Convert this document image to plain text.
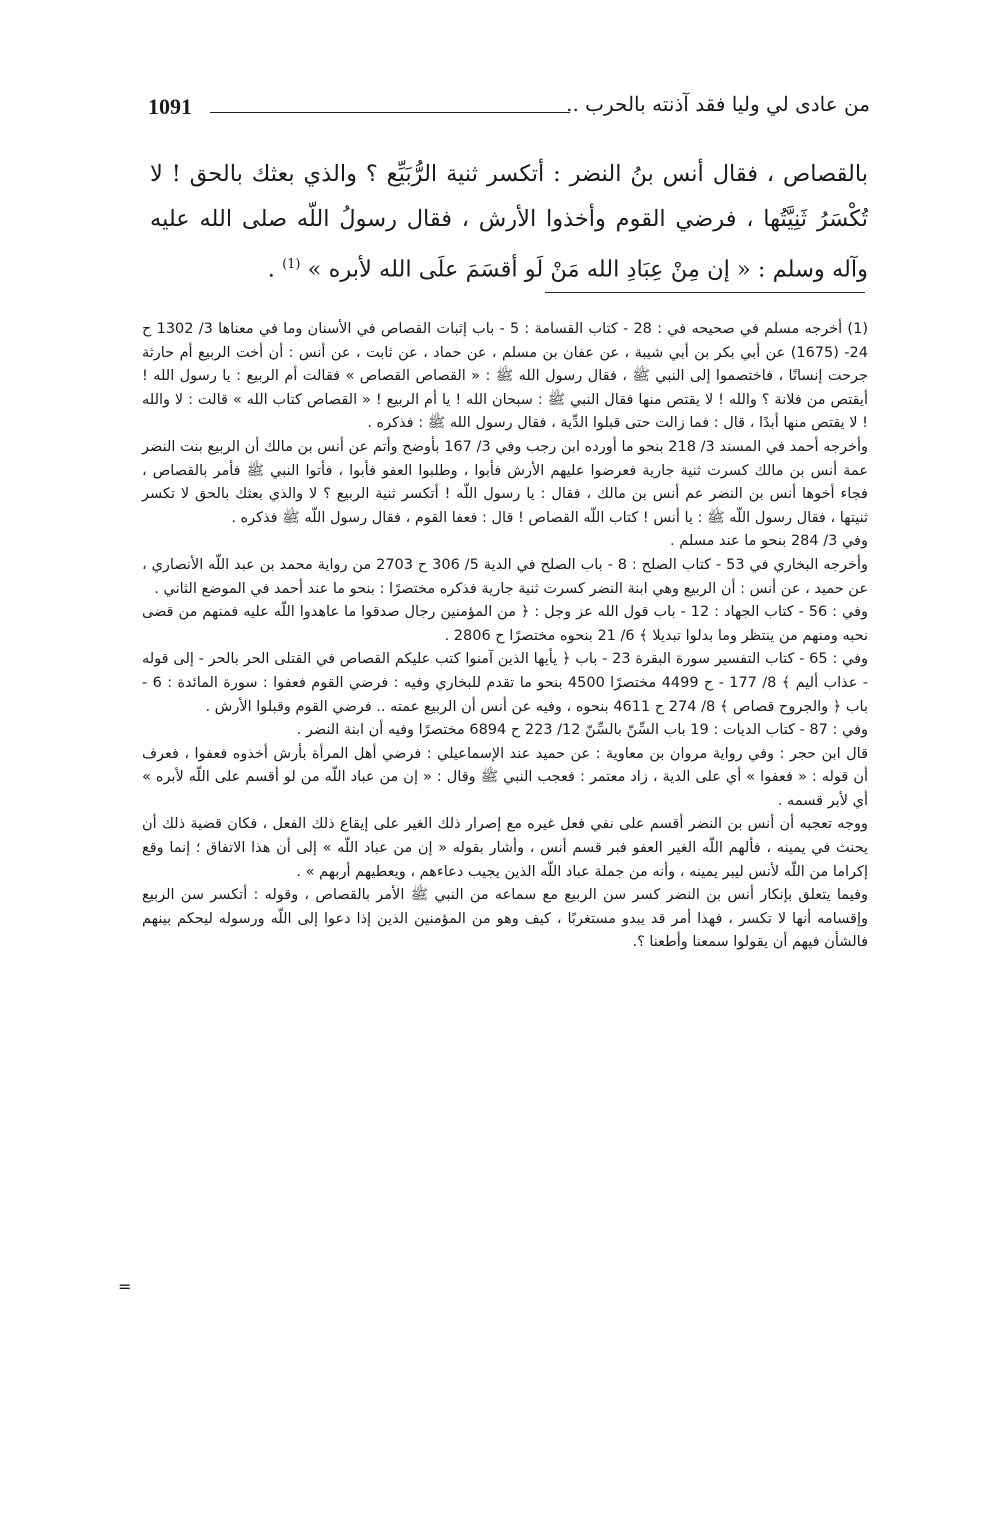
1091	من عادى لي وليا فقد آذنته بالحرب ..
بالقصاص ، فقال أنس بنُ النضر : أتكسر ثنية الرُّبَيِّع ؟ والذي بعثك بالحق ! لا تُكْسَرُ ثَنِيَّتُها ، فرضي القوم وأخذوا الأرش ، فقال رسولُ اللّه صلى الله عليه وآله وسلم : « إن مِنْ عِبَادِ الله مَنْ لَو أقسَمَ علَى الله لأبره » $^{(1)}$ .

(1) أخرجه مسلم في صحيحه في : 28 - كتاب القسامة : 5 - باب إثبات القصاص في الأسنان وما في معناها 3/ 1302 ح 24- (1675) عن أبي بكر بن أبي شيبة ، عن عفان بن مسلم ، عن حماد ، عن ثابت ، عن أنس : أن أخت الربيع أم حارثة جرحت إنسانًا ، فاختصموا إلى النبي ﷺ ، فقال رسول الله ﷺ : « القصاص القصاص » فقالت أم الربيع : يا رسول الله ! أيقتص من فلانة ؟ والله ! لا يقتص منها فقال النبي ﷺ : سبحان الله ! يا أم الربيع ! « القصاص كتاب الله » قالت : لا والله ! لا يقتص منها أبدًا ، قال : فما زالت حتى قبلوا الدِّية ، فقال رسول الله ﷺ : فذكره .

وأخرجه أحمد في المسند 3/ 218 بنحو ما أورده ابن رجب وفي 3/ 167 بأوضح وأتم عن أنس بن مالك أن الربيع بنت النضر عمة أنس بن مالك كسرت ثنية جارية فعرضوا عليهم الأرش فأبوا ، وطلبوا العفو فأبوا ، فأتوا النبي ﷺ فأمر بالقصاص ، فجاء أخوها أنس بن النضر عم أنس بن مالك ، فقال : يا رسول اللّه ! أتكسر ثنية الربيع ؟ لا والذي بعثك بالحق لا تكسر ثنيتها ، فقال رسول اللّه ﷺ : يا أنس ! كتاب اللّه القصاص ! قال : فعفا القوم ، فقال رسول اللّه ﷺ فذكره .

وفي 3/ 284 بنحو ما عند مسلم .

وأخرجه البخاري في 53 - كتاب الصلح : 8 - باب الصلح في الدية 5/ 306 ح 2703 من رواية محمد بن عبد اللّه الأنصاري ، عن حميد ، عن أنس : أن الربيع وهي ابنة النضر كسرت ثنية جارية فذكره مختصرًا : بنحو ما عند أحمد في الموضع الثاني .

وفي : 56 - كتاب الجهاد : 12 - باب قول الله عز وجل : ﴿ من المؤمنين رجال صدقوا ما عاهدوا اللّه عليه فمنهم من قضى نحبه ومنهم من ينتظر وما بدلوا تبديلا ﴾ 6/ 21 بنحوه مختصرًا ح 2806 .

وفي : 65 - كتاب التفسير سورة البقرة 23 - باب ﴿ يأيها الذين آمنوا كتب عليكم القصاص في القتلى الحر بالحر - إلى قوله - عذاب أليم ﴾ 8/ 177 - ح 4499 مختصرًا 4500 بنحو ما تقدم للبخاري وفيه : فرضي القوم فعفوا : سورة المائدة : 6 - باب ﴿ والجروح قصاص ﴾ 8/ 274 ح 4611 بنحوه ، وفيه عن أنس أن الربيع عمته .. فرضي القوم وقبلوا الأرش .

وفي : 87 - كتاب الديات : 19 باب السِّنّ بالسِّنّ 12/ 223 ح 6894 مختصرًا وفيه أن ابنة النضر .

قال ابن حجر : وفي رواية مروان بن معاوية : عن حميد عند الإسماعيلي : فرضي أهل المرأة بأرش أخذوه فعفوا ، فعرف أن قوله : « فعفوا » أي على الدية ، زاد معتمر : فعجب النبي ﷺ وقال : « إن من عباد اللّه من لو أقسم على اللّه لأبره » أي لأبر قسمه .

ووجه تعجبه أن أنس بن النضر أقسم على نفي فعل غيره مع إصرار ذلك الغير على إيقاع ذلك الفعل ، فكان قضية ذلك أن يحنث في يمينه ، فألهم اللّه الغير العفو فبر قسم أنس ، وأشار بقوله « إن من عباد اللّه » إلى أن هذا الاتفاق ؛ إنما وقع إكراما من اللّه لأنس ليبر يمينه ، وأنه من جملة عباد اللّه الذين يجيب دعاءهم ، ويعطيهم أربهم » .

وفيما يتعلق بإنكار أنس بن النضر كسر سن الربيع مع سماعه من النبي ﷺ الأمر بالقصاص ، وقوله : أتكسر سن الربيع وإقسامه أنها لا تكسر ، فهذا أمر قد يبدو مستغربًا ، كيف وهو من المؤمنين الذين إذا دعوا إلى اللّه ورسوله ليحكم بينهم فالشأن فيهم أن يقولوا سمعنا وأطعنا ؟.

=
